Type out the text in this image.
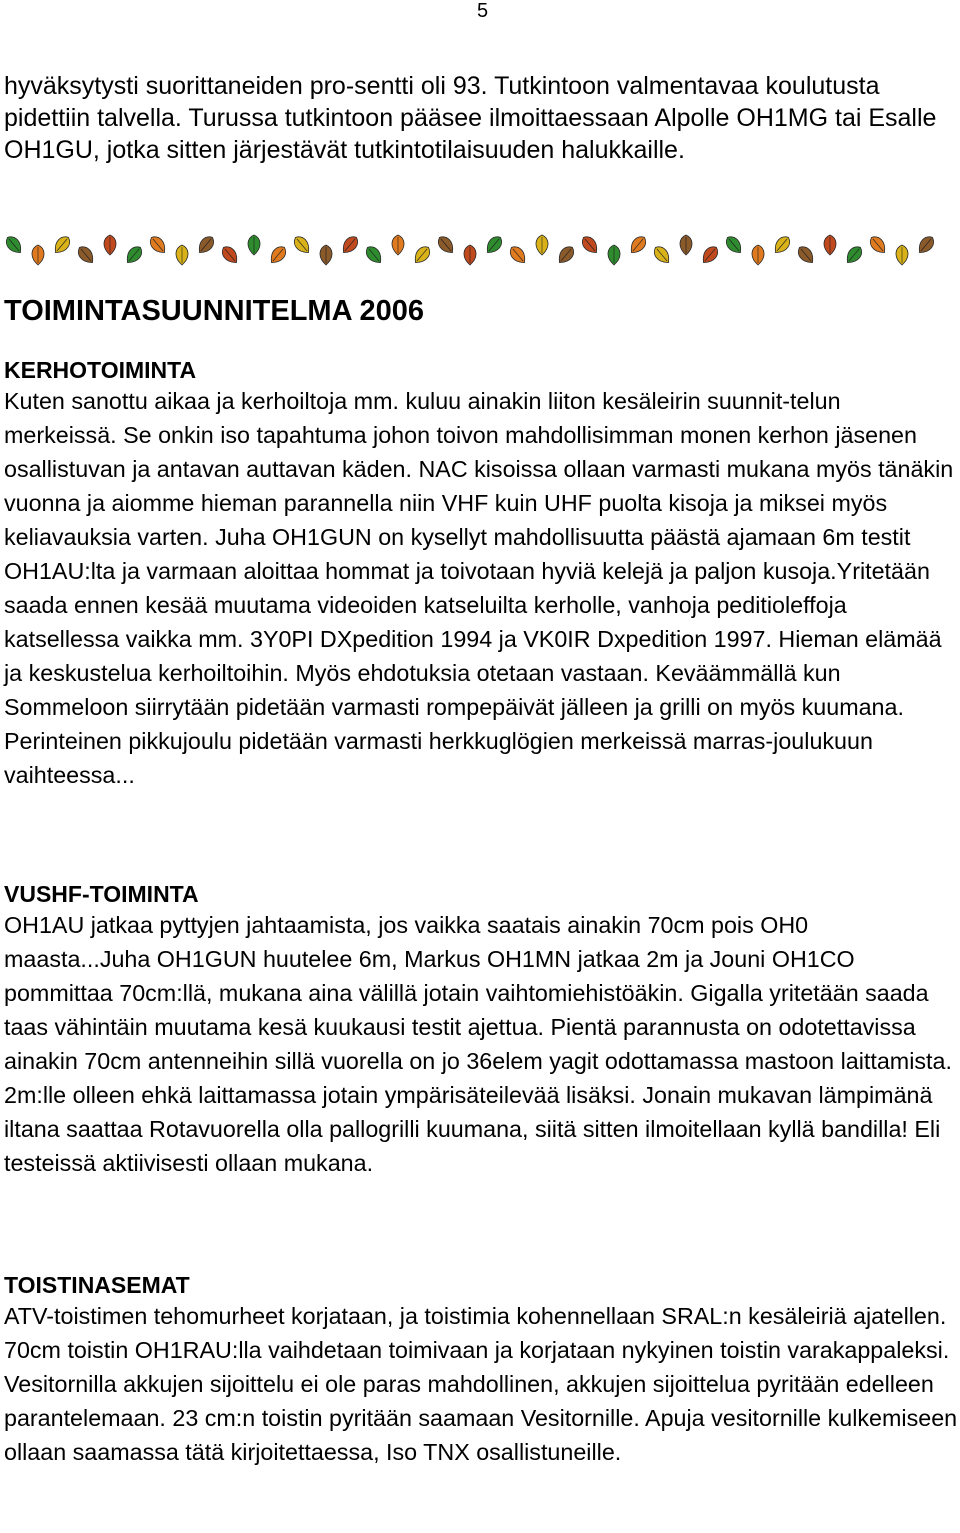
5

hyväksytysti suorittaneiden pro-sentti oli 93. Tutkintoon valmentavaa koulutusta pidettiin talvella. Turussa tutkintoon pääsee ilmoittaessaan Alpolle OH1MG tai Esalle OH1GU, jotka sitten järjestävät tutkintotilaisuuden halukkaille.

TOIMINTASUUNNITELMA 2006
KERHOTOIMINTA

Kuten sanottu aikaa ja kerhoiltoja mm. kuluu ainakin liiton kesäleirin suunnit-telun merkeissä. Se onkin iso tapahtuma johon toivon mahdollisimman monen kerhon jäsenen osallistuvan ja antavan auttavan käden. NAC kisoissa ollaan varmasti mukana myös tänäkin vuonna ja aiomme hieman parannella niin VHF kuin UHF puolta kisoja ja miksei myös keliavauksia varten. Juha OH1GUN on kysellyt mahdollisuutta päästä ajamaan 6m testit OH1AU:lta ja varmaan aloittaa hommat ja toivotaan hyviä kelejä ja paljon kusoja.Yritetään saada ennen kesää muutama videoiden katseluilta kerholle, vanhoja peditioleffoja katsellessa vaikka mm. 3Y0PI DXpedition 1994 ja VK0IR Dxpedition 1997. Hieman elämää ja keskustelua kerhoiltoihin. Myös ehdotuksia otetaan vastaan. Keväämmällä kun Sommeloon siirrytään pidetään varmasti rompepäivät jälleen ja grilli on myös kuumana. Perinteinen pikkujoulu pidetään varmasti herkkuglögien merkeissä marras-joulukuun vaihteessa...

VUSHF-TOIMINTA

OH1AU jatkaa pyttyjen jahtaamista, jos vaikka saatais ainakin 70cm pois OH0 maasta...Juha OH1GUN huutelee 6m, Markus OH1MN jatkaa 2m ja Jouni OH1CO pommittaa 70cm:llä, mukana aina välillä jotain vaihtomiehistöäkin. Gigalla yritetään saada taas vähintäin muutama kesä kuukausi testit ajettua. Pientä parannusta on odotettavissa ainakin 70cm antenneihin sillä vuorella on jo 36elem yagit odottamassa mastoon laittamista. 2m:lle olleen ehkä laittamassa jotain ympärisäteilevää lisäksi. Jonain mukavan lämpimänä iltana saattaa Rotavuorella olla pallogrilli kuumana, siitä sitten ilmoitellaan kyllä bandilla! Eli testeissä aktiivisesti ollaan mukana.

TOISTINASEMAT

ATV-toistimen tehomurheet korjataan, ja toistimia kohennellaan SRAL:n kesäleiriä ajatellen. 70cm toistin OH1RAU:lla vaihdetaan toimivaan ja korjataan nykyinen toistin varakappaleksi. Vesitornilla akkujen sijoittelu ei ole paras mahdollinen, akkujen sijoittelua pyritään edelleen parantelemaan. 23 cm:n toistin pyritään saamaan Vesitornille. Apuja vesitornille kulkemiseen ollaan saamassa tätä kirjoitettaessa, Iso TNX osallistuneille.
